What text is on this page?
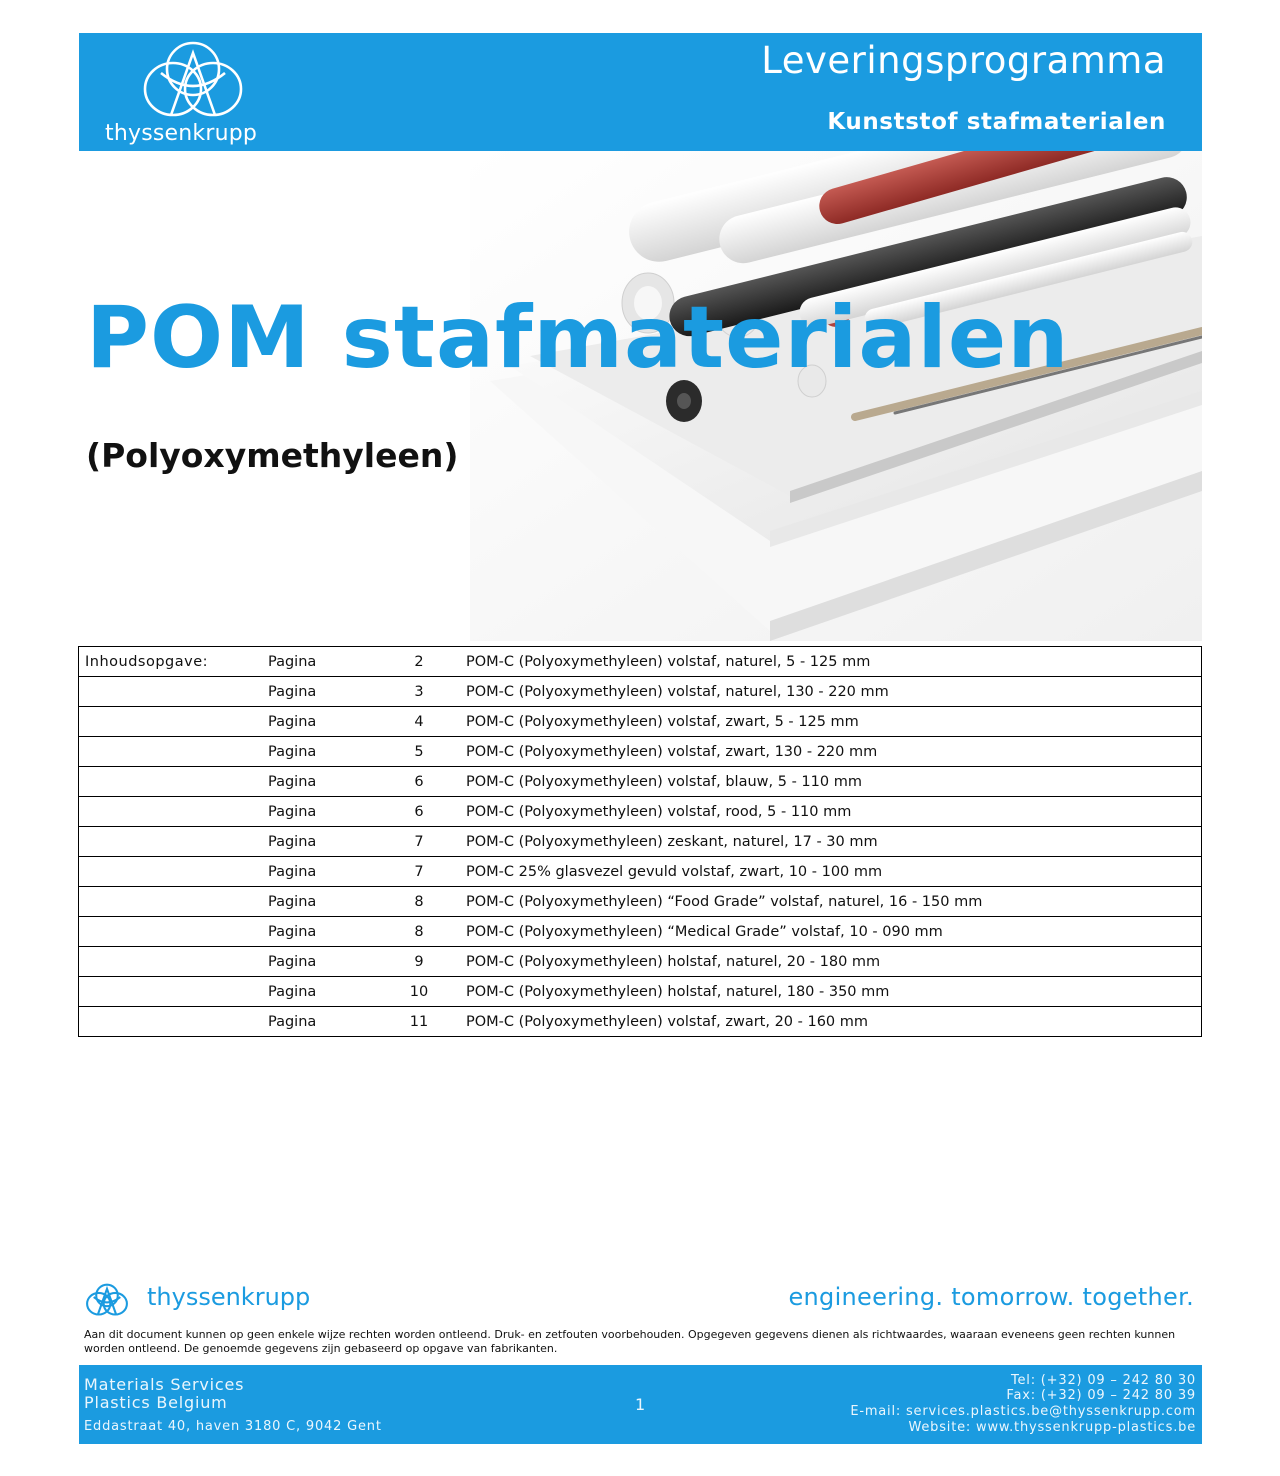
thyssenkrupp
Leveringsprogramma
Kunststof stafmaterialen
POM stafmaterialen
(Polyoxymethyleen)
Inhoudsopgave:	Pagina	2	POM-C (Polyoxymethyleen) volstaf, naturel, 5 - 125 mm
	Pagina	3	POM-C (Polyoxymethyleen) volstaf, naturel, 130 - 220 mm
	Pagina	4	POM-C (Polyoxymethyleen) volstaf, zwart, 5 - 125 mm
	Pagina	5	POM-C (Polyoxymethyleen) volstaf, zwart, 130 - 220 mm
	Pagina	6	POM-C (Polyoxymethyleen) volstaf, blauw, 5 - 110 mm
	Pagina	6	POM-C (Polyoxymethyleen) volstaf, rood, 5 - 110 mm
	Pagina	7	POM-C (Polyoxymethyleen) zeskant, naturel, 17 - 30 mm
	Pagina	7	POM-C 25% glasvezel gevuld volstaf, zwart, 10 - 100 mm
	Pagina	8	POM-C (Polyoxymethyleen) “Food Grade” volstaf, naturel, 16 - 150 mm
	Pagina	8	POM-C (Polyoxymethyleen) “Medical Grade” volstaf, 10 - 090 mm
	Pagina	9	POM-C (Polyoxymethyleen) holstaf, naturel, 20 - 180 mm
	Pagina	10	POM-C (Polyoxymethyleen) holstaf, naturel, 180 - 350 mm
	Pagina	11	POM-C (Polyoxymethyleen) volstaf, zwart, 20 - 160 mm
thyssenkrupp	engineering. tomorrow. together.
Aan dit document kunnen op geen enkele wijze rechten worden ontleend. Druk- en zetfouten voorbehouden. Opgegeven gegevens dienen als richtwaardes, waaraan eveneens geen rechten kunnen worden ontleend. De genoemde gegevens zijn gebaseerd op opgave van fabrikanten.
Materials Services
Plastics Belgium
Eddastraat 40, haven 3180 C, 9042 Gent
1
Tel: (+32) 09 – 242 80 30
Fax: (+32) 09 – 242 80 39
E-mail: services.plastics.be@thyssenkrupp.com
Website: www.thyssenkrupp-plastics.be
